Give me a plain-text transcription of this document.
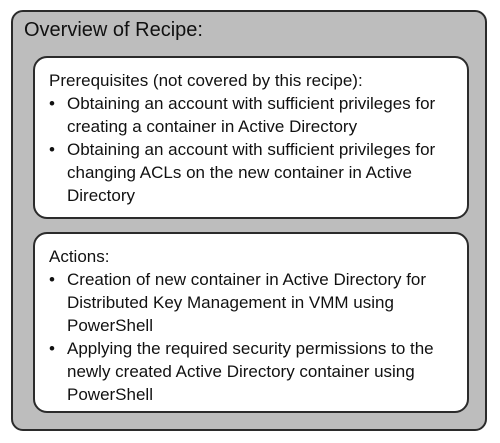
Overview of Recipe:

Prerequisites (not covered by this recipe):

• Obtaining an account with sufficient privileges for creating a container in Active Directory
• Obtaining an account with sufficient privileges for changing ACLs on the new container in Active Directory

Actions:

• Creation of new container in Active Directory for Distributed Key Management in VMM using PowerShell
• Applying the required security permissions to the newly created Active Directory container using PowerShell
